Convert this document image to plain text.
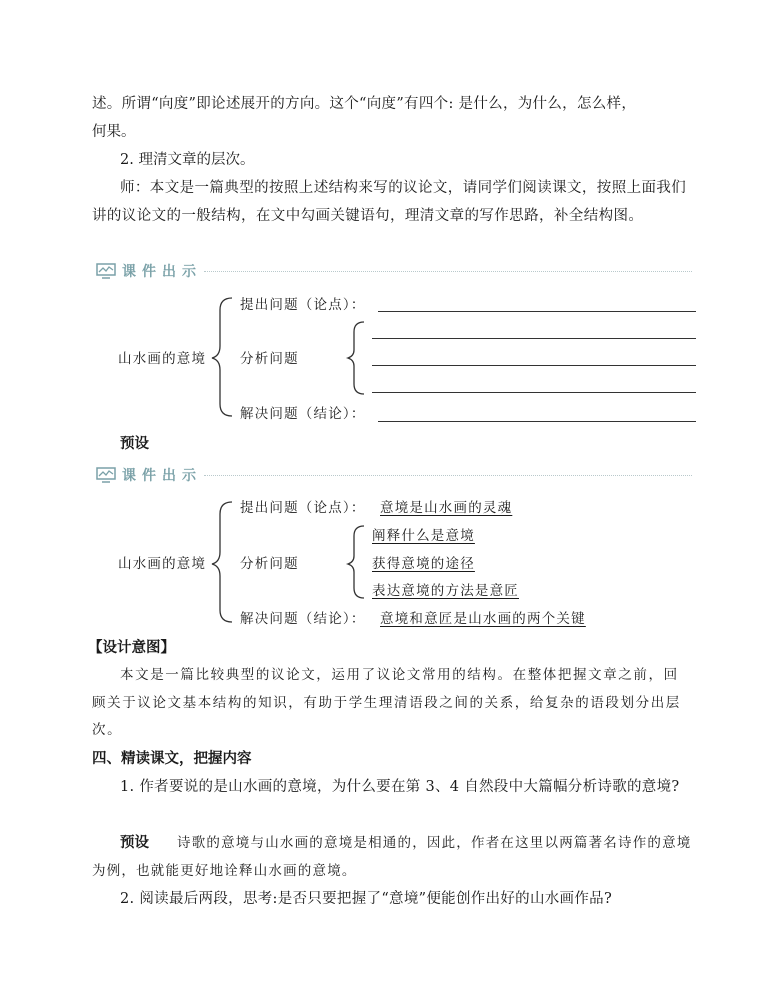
述。所谓“向度”即论述展开的方向。这个“向度”有四个: 是什么，为什么，怎么样，

何果。

2. 理清文章的层次。

师：本文是一篇典型的按照上述结构来写的议论文，请同学们阅读课文，按照上面我们讲的议论文的一般结构，在文中勾画关键语句，理清文章的写作思路，补全结构图。

课件出示
山水画的意境
提出问题（论点）：
分析问题
解决问题（结论）：

预设

课件出示
山水画的意境
提出问题（论点）： 意境是山水画的灵魂
分析问题
阐释什么是意境
获得意境的途径
表达意境的方法是意匠
解决问题（结论）： 意境和意匠是山水画的两个关键

【设计意图】

本文是一篇比较典型的议论文，运用了议论文常用的结构。在整体把握文章之前，回顾关于议论文基本结构的知识，有助于学生理清语段之间的关系，给复杂的语段划分出层次。

四、精读课文，把握内容

1. 作者要说的是山水画的意境，为什么要在第 3、4 自然段中大篇幅分析诗歌的意境?

预设 诗歌的意境与山水画的意境是相通的，因此，作者在这里以两篇著名诗作的意境为例，也就能更好地诠释山水画的意境。

2. 阅读最后两段，思考:是否只要把握了“意境”便能创作出好的山水画作品?
